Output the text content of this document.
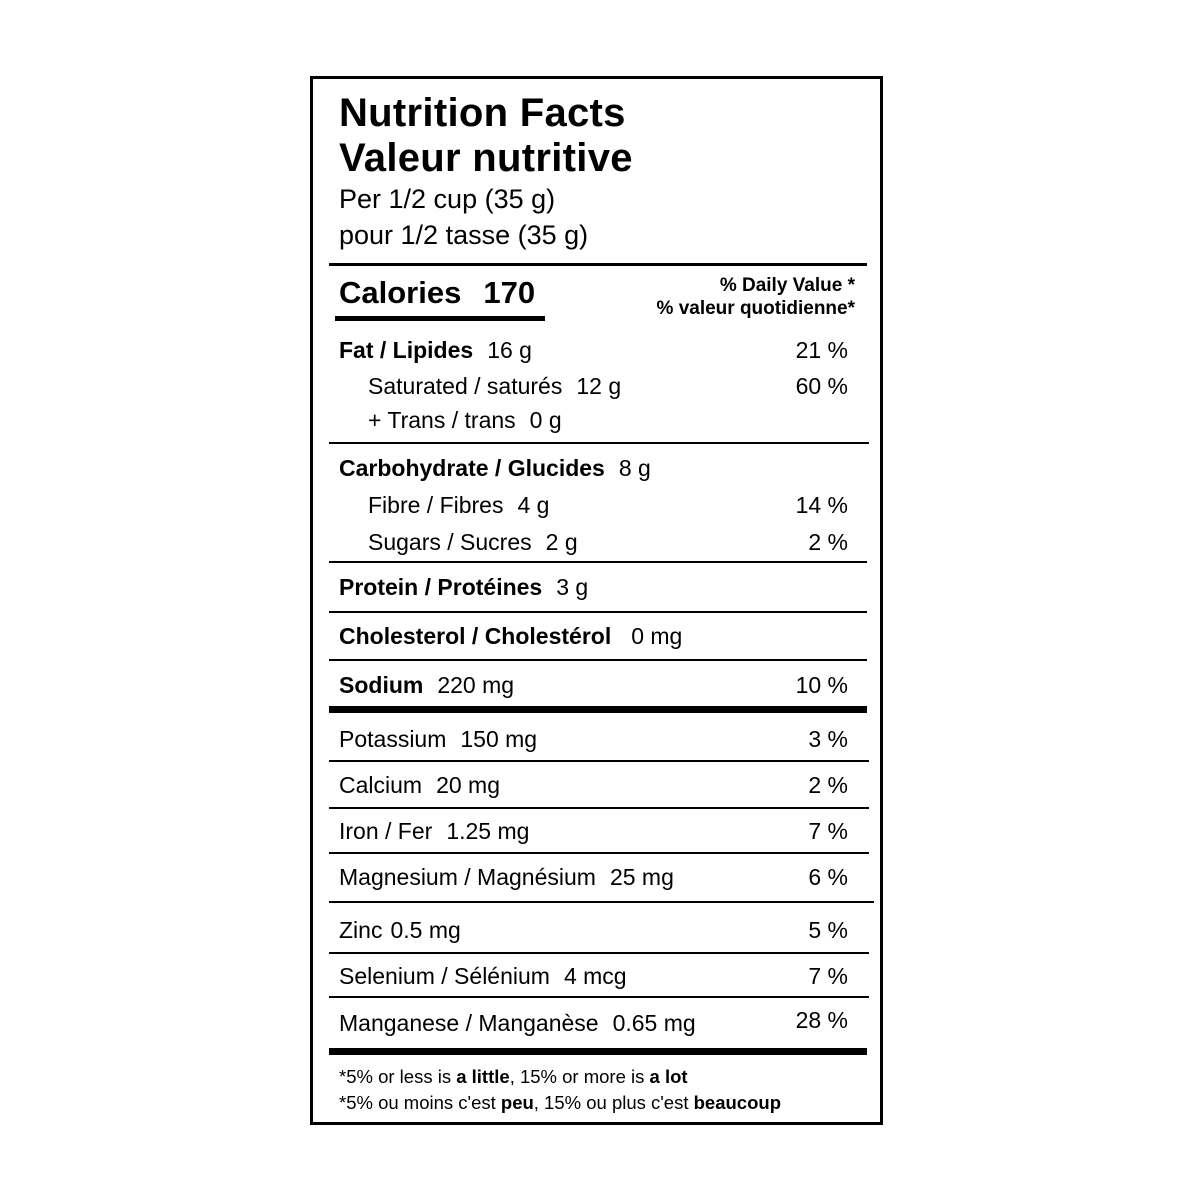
Nutrition Facts
Valeur nutritive
Per 1/2 cup (35 g)
pour 1/2 tasse (35 g)
Calories 170	% Daily Value *
% valeur quotidienne*
Fat / Lipides 16 g	21 %
Saturated / saturés 12 g	60 %
+ Trans / trans 0 g
Carbohydrate / Glucides 8 g
Fibre / Fibres 4 g	14 %
Sugars / Sucres 2 g	2 %
Protein / Protéines 3 g
Cholesterol / Cholestérol 0 mg
Sodium 220 mg	10 %
Potassium 150 mg	3 %
Calcium 20 mg	2 %
Iron / Fer 1.25 mg	7 %
Magnesium / Magnésium 25 mg	6 %
Zinc 0.5 mg	5 %
Selenium / Sélénium 4 mcg	7 %
Manganese / Manganèse 0.65 mg	28 %
*5% or less is a little, 15% or more is a lot
*5% ou moins c'est peu, 15% ou plus c'est beaucoup
